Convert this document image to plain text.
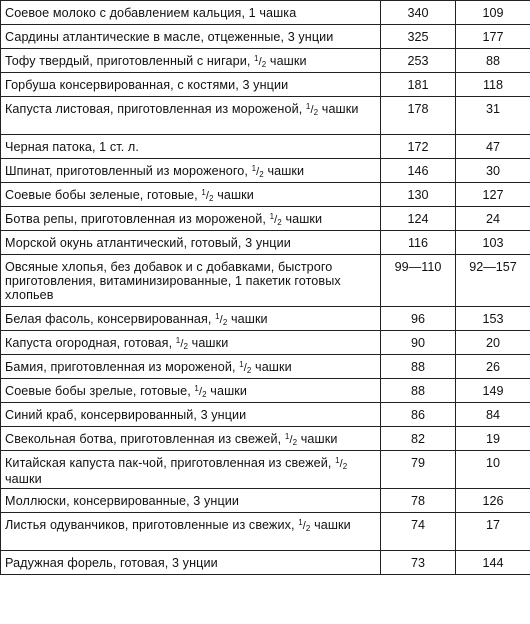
Соевое молоко с добавлением кальция, 1 чашка	340	109
Сардины атлантические в масле, отцеженные, 3 унции	325	177
Тофу твердый, приготовленный с нигари, 1/2 чашки	253	88
Горбуша консервированная, с костями, 3 унции	181	118
Капуста листовая, приготовленная из мороженой, 1/2 чашки	178	31
Черная патока, 1 ст. л.	172	47
Шпинат, приготовленный из мороженого, 1/2 чашки	146	30
Соевые бобы зеленые, готовые, 1/2 чашки	130	127
Ботва репы, приготовленная из мороженой, 1/2 чашки	124	24
Морской окунь атлантический, готовый, 3 унции	116	103
Овсяные хлопья, без добавок и с добавками, быстрого приготовления, витаминизированные, 1 пакетик готовых хлопьев	99—110	92—157
Белая фасоль, консервированная, 1/2 чашки	96	153
Капуста огородная, готовая, 1/2 чашки	90	20
Бамия, приготовленная из мороженой, 1/2 чашки	88	26
Соевые бобы зрелые, готовые, 1/2 чашки	88	149
Синий краб, консервированный, 3 унции	86	84
Свекольная ботва, приготовленная из свежей, 1/2 чашки	82	19
Китайская капуста пак-чой, приготовленная из свежей, 1/2 чашки	79	10
Моллюски, консервированные, 3 унции	78	126
Листья одуванчиков, приготовленные из свежих, 1/2 чашки	74	17
Радужная форель, готовая, 3 унции	73	144
